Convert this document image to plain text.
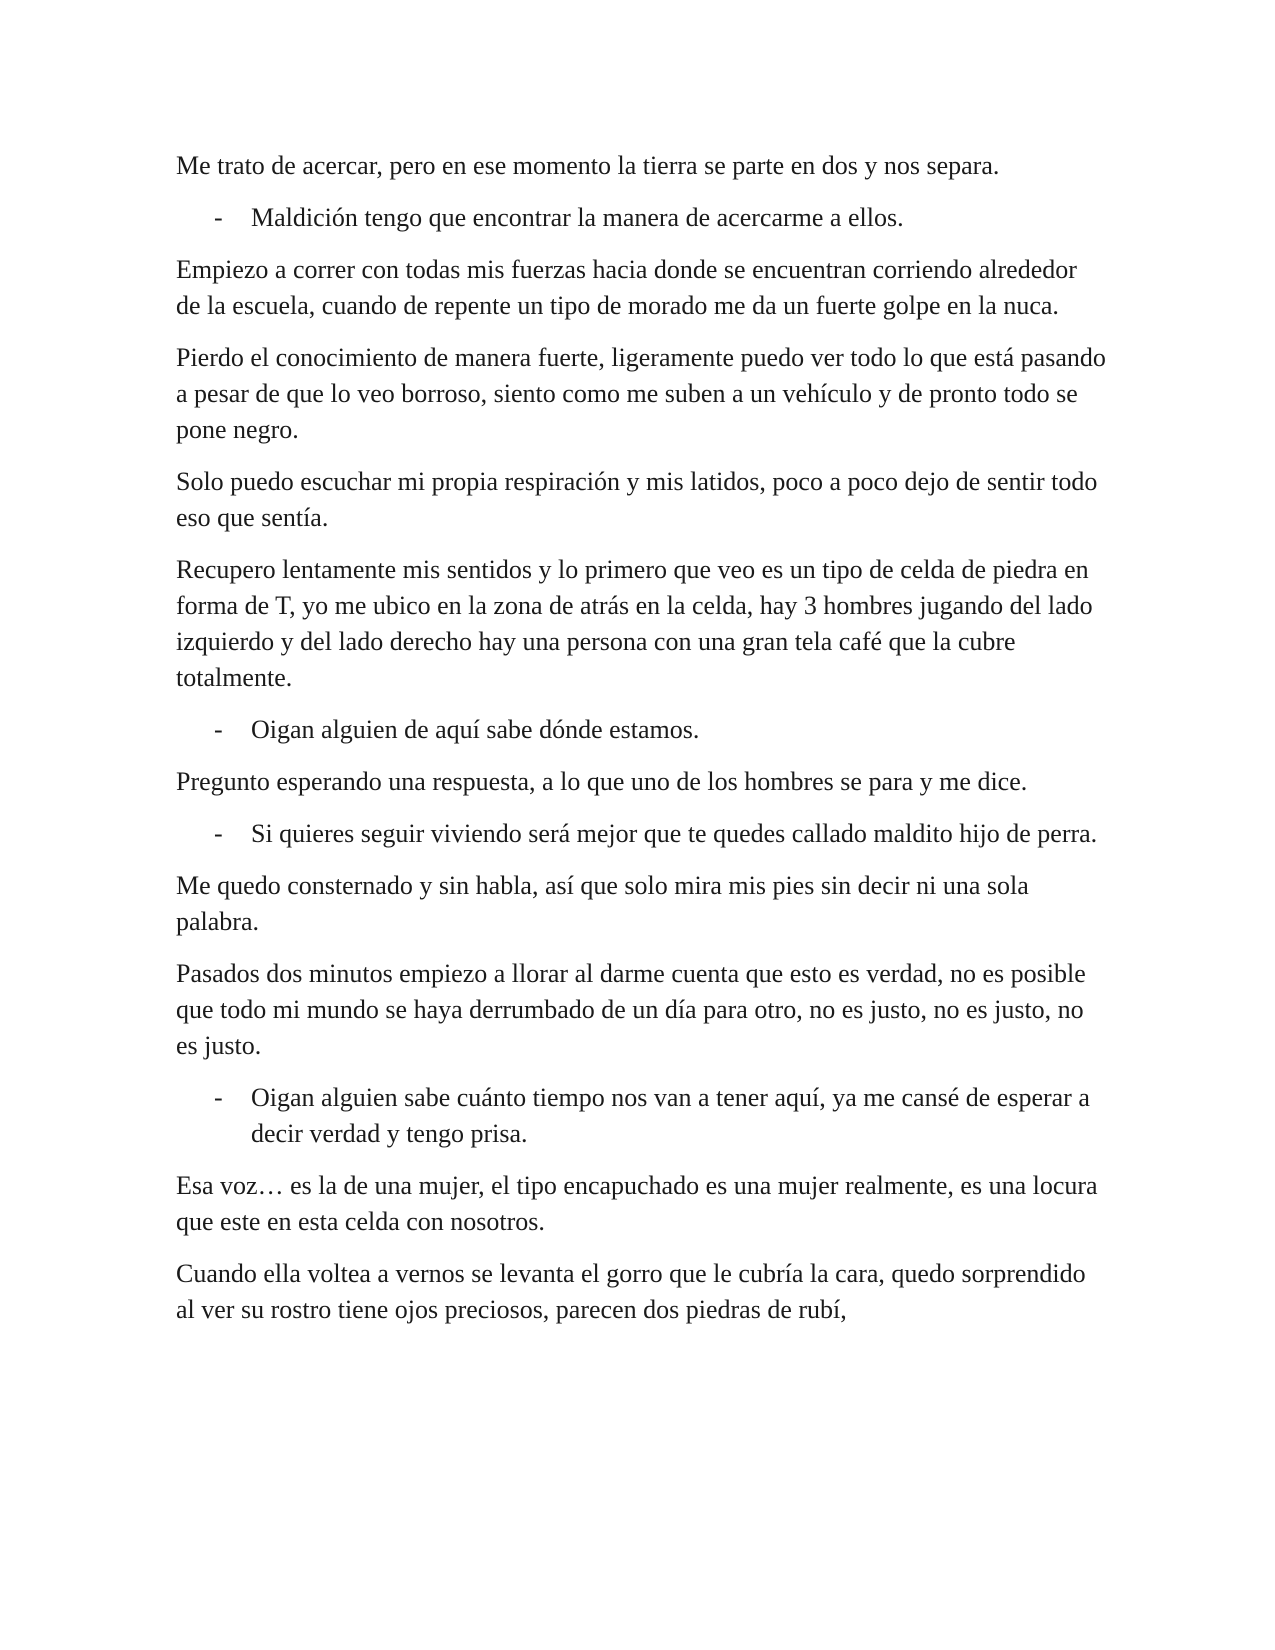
Me trato de acercar, pero en ese momento la tierra se parte en dos y nos separa.

- Maldición tengo que encontrar la manera de acercarme a ellos.

Empiezo a correr con todas mis fuerzas hacia donde se encuentran corriendo alrededor de la escuela, cuando de repente un tipo de morado me da un fuerte golpe en la nuca.

Pierdo el conocimiento de manera fuerte, ligeramente puedo ver todo lo que está pasando a pesar de que lo veo borroso, siento como me suben a un vehículo y de pronto todo se pone negro.

Solo puedo escuchar mi propia respiración y mis latidos, poco a poco dejo de sentir todo eso que sentía.

Recupero lentamente mis sentidos y lo primero que veo es un tipo de celda de piedra en forma de T, yo me ubico en la zona de atrás en la celda, hay 3 hombres jugando del lado izquierdo y del lado derecho hay una persona con una gran tela café que la cubre totalmente.

- Oigan alguien de aquí sabe dónde estamos.

Pregunto esperando una respuesta, a lo que uno de los hombres se para y me dice.

- Si quieres seguir viviendo será mejor que te quedes callado maldito hijo de perra.

Me quedo consternado y sin habla, así que solo mira mis pies sin decir ni una sola palabra.

Pasados dos minutos empiezo a llorar al darme cuenta que esto es verdad, no es posible que todo mi mundo se haya derrumbado de un día para otro, no es justo, no es justo, no es justo.

- Oigan alguien sabe cuánto tiempo nos van a tener aquí, ya me cansé de esperar a decir verdad y tengo prisa.

Esa voz… es la de una mujer, el tipo encapuchado es una mujer realmente, es una locura que este en esta celda con nosotros.

Cuando ella voltea a vernos se levanta el gorro que le cubría la cara, quedo sorprendido al ver su rostro tiene ojos preciosos, parecen dos piedras de rubí,
